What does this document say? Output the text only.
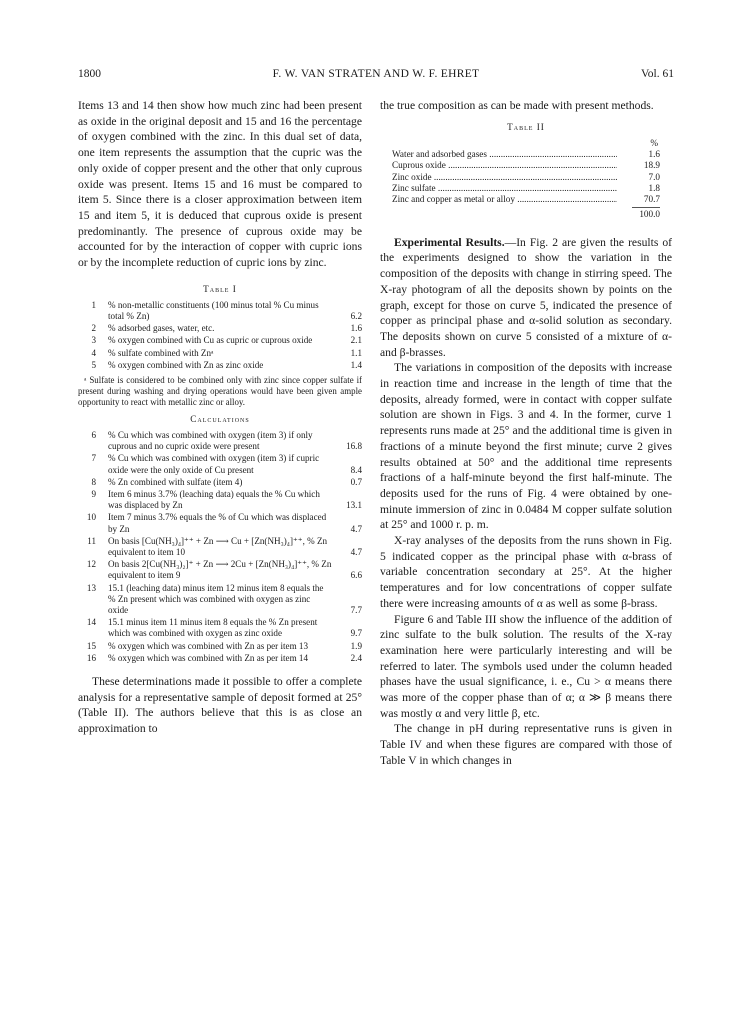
1800	F. W. VAN STRATEN AND W. F. EHRET	Vol. 61

Items 13 and 14 then show how much zinc had been present as oxide in the original deposit and 15 and 16 the percentage of oxygen combined with the zinc. In this dual set of data, one item represents the assumption that the cupric was the only oxide of copper present and the other that only cuprous oxide was present. Items 15 and 16 must be compared to item 5. Since there is a closer approximation between item 15 and item 5, it is deduced that cuprous oxide is present predominantly. The presence of cuprous oxide may be accounted for by the interaction of copper with cupric ions or by the incomplete reduction of cupric ions by zinc.

Table I
1 % non-metallic constituents (100 minus total % Cu minus total % Zn)	6.2
2 % adsorbed gases, water, etc.	1.6
3 % oxygen combined with Cu as cupric or cuprous oxide	2.1
4 % sulfate combined with Znᵃ	1.1
5 % oxygen combined with Zn as zinc oxide	1.4
ᵃ Sulfate is considered to be combined only with zinc since copper sulfate if present during washing and drying operations would have been given ample opportunity to react with metallic zinc or alloy.
Calculations
6 % Cu which was combined with oxygen (item 3) if only cuprous and no cupric oxide were present	16.8
7 % Cu which was combined with oxygen (item 3) if cupric oxide were the only oxide of Cu present	8.4
8 % Zn combined with sulfate (item 4)	0.7
9 Item 6 minus 3.7% (leaching data) equals the % Cu which was displaced by Zn	13.1
10 Item 7 minus 3.7% equals the % of Cu which was displaced by Zn	4.7
11 On basis [Cu(NH₃)₄]⁺⁺ + Zn ⟶ Cu + [Zn(NH₃)₄]⁺⁺, % Zn equivalent to item 10	4.7
12 On basis 2[Cu(NH₃)₂]⁺ + Zn ⟶ 2Cu + [Zn(NH₃)₄]⁺⁺, % Zn equivalent to item 9	6.6
13 15.1 (leaching data) minus item 12 minus item 8 equals the % Zn present which was combined with oxygen as zinc oxide	7.7
14 15.1 minus item 11 minus item 8 equals the % Zn present which was combined with oxygen as zinc oxide	9.7
15 % oxygen which was combined with Zn as per item 13	1.9
16 % oxygen which was combined with Zn as per item 14	2.4

These determinations made it possible to offer a complete analysis for a representative sample of deposit formed at 25° (Table II). The authors believe that this is as close an approximation to

the true composition as can be made with present methods.

Table II
%
Water and adsorbed gases .....	1.6
Cuprous oxide .....	18.9
Zinc oxide .....	7.0
Zinc sulfate .....	1.8
Zinc and copper as metal or alloy .....	70.7
100.0

Experimental Results.—In Fig. 2 are given the results of the experiments designed to show the variation in the composition of the deposits with change in stirring speed. The X-ray photogram of all the deposits shown by points on the graph, except for those on curve 5, indicated the presence of copper as principal phase and α-solid solution as secondary. The deposits shown on curve 5 consisted of a mixture of α- and β-brasses.

The variations in composition of the deposits with increase in reaction time and increase in the length of time that the deposits, already formed, were in contact with copper sulfate solution are shown in Figs. 3 and 4. In the former, curve 1 represents runs made at 25° and the additional time is given in fractions of a minute beyond the first minute; curve 2 gives results obtained at 50° and the additional time represents fractions of a half-minute beyond the first half-minute. The deposits used for the runs of Fig. 4 were obtained by one-minute immersion of zinc in 0.0484 M copper sulfate solution at 25° and 1000 r. p. m.

X-ray analyses of the deposits from the runs shown in Fig. 5 indicated copper as the principal phase with α-brass of variable concentration secondary at 25°. At the higher temperatures and for low concentrations of copper sulfate there were increasing amounts of α as well as some β-brass.

Figure 6 and Table III show the influence of the addition of zinc sulfate to the bulk solution. The results of the X-ray examination here were particularly interesting and will be referred to later. The symbols used under the column headed phases have the usual significance, i. e., Cu > α means there was more of the copper phase than of α; α ≫ β means there was mostly α and very little β, etc.

The change in pH during representative runs is given in Table IV and when these figures are compared with those of Table V in which changes in
